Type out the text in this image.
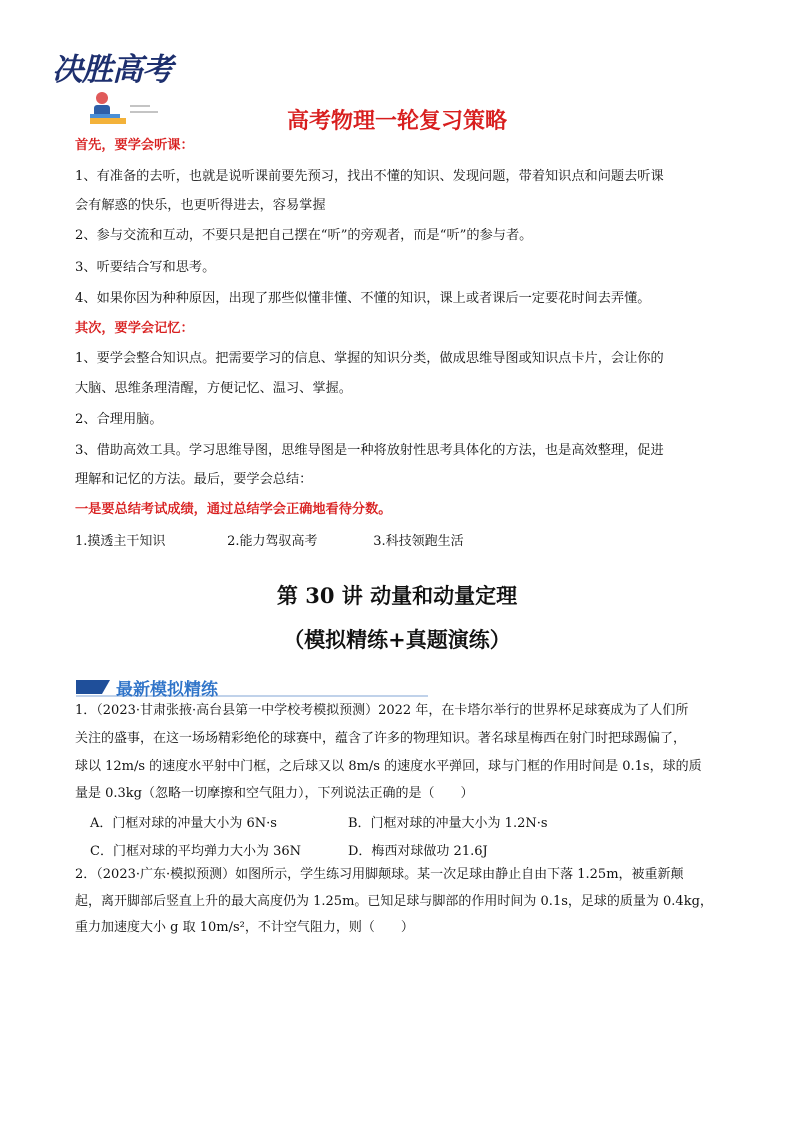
决胜高考
高考物理一轮复习策略
首先，要学会听课：
1、有准备的去听，也就是说听课前要先预习，找出不懂的知识、发现问题，带着知识点和问题去听课
会有解惑的快乐，也更听得进去，容易掌握
2、参与交流和互动，不要只是把自己摆在“听”的旁观者，而是“听”的参与者。
3、听要结合写和思考。
4、如果你因为种种原因，出现了那些似懂非懂、不懂的知识，课上或者课后一定要花时间去弄懂。
其次，要学会记忆：
1、要学会整合知识点。把需要学习的信息、掌握的知识分类，做成思维导图或知识点卡片，会让你的
大脑、思维条理清醒，方便记忆、温习、掌握。
2、合理用脑。
3、借助高效工具。学习思维导图，思维导图是一种将放射性思考具体化的方法，也是高效整理，促进
理解和记忆的方法。最后，要学会总结：
一是要总结考试成绩，通过总结学会正确地看待分数。
1.摸透主干知识	2.能力驾驭高考	3.科技领跑生活
第 30 讲 动量和动量定理
（模拟精练+真题演练）
最新模拟精练
1．（2023·甘肃张掖·高台县第一中学校考模拟预测）2022 年，在卡塔尔举行的世界杯足球赛成为了人们所
关注的盛事，在这一场场精彩绝伦的球赛中，蕴含了许多的物理知识。著名球星梅西在射门时把球踢偏了，
球以 12m/s 的速度水平射中门框，之后球又以 8m/s 的速度水平弹回，球与门框的作用时间是 0.1s，球的质
量是 0.3kg（忽略一切摩擦和空气阻力），下列说法正确的是（　　）
A．门框对球的冲量大小为 6N·s	B．门框对球的冲量大小为 1.2N·s
C．门框对球的平均弹力大小为 36N	D．梅西对球做功 21.6J
2．（2023·广东·模拟预测）如图所示，学生练习用脚颠球。某一次足球由静止自由下落 1.25m，被重新颠
起，离开脚部后竖直上升的最大高度仍为 1.25m。已知足球与脚部的作用时间为 0.1s，足球的质量为 0.4kg，
重力加速度大小 g 取 10m/s²，不计空气阻力，则（　　）
